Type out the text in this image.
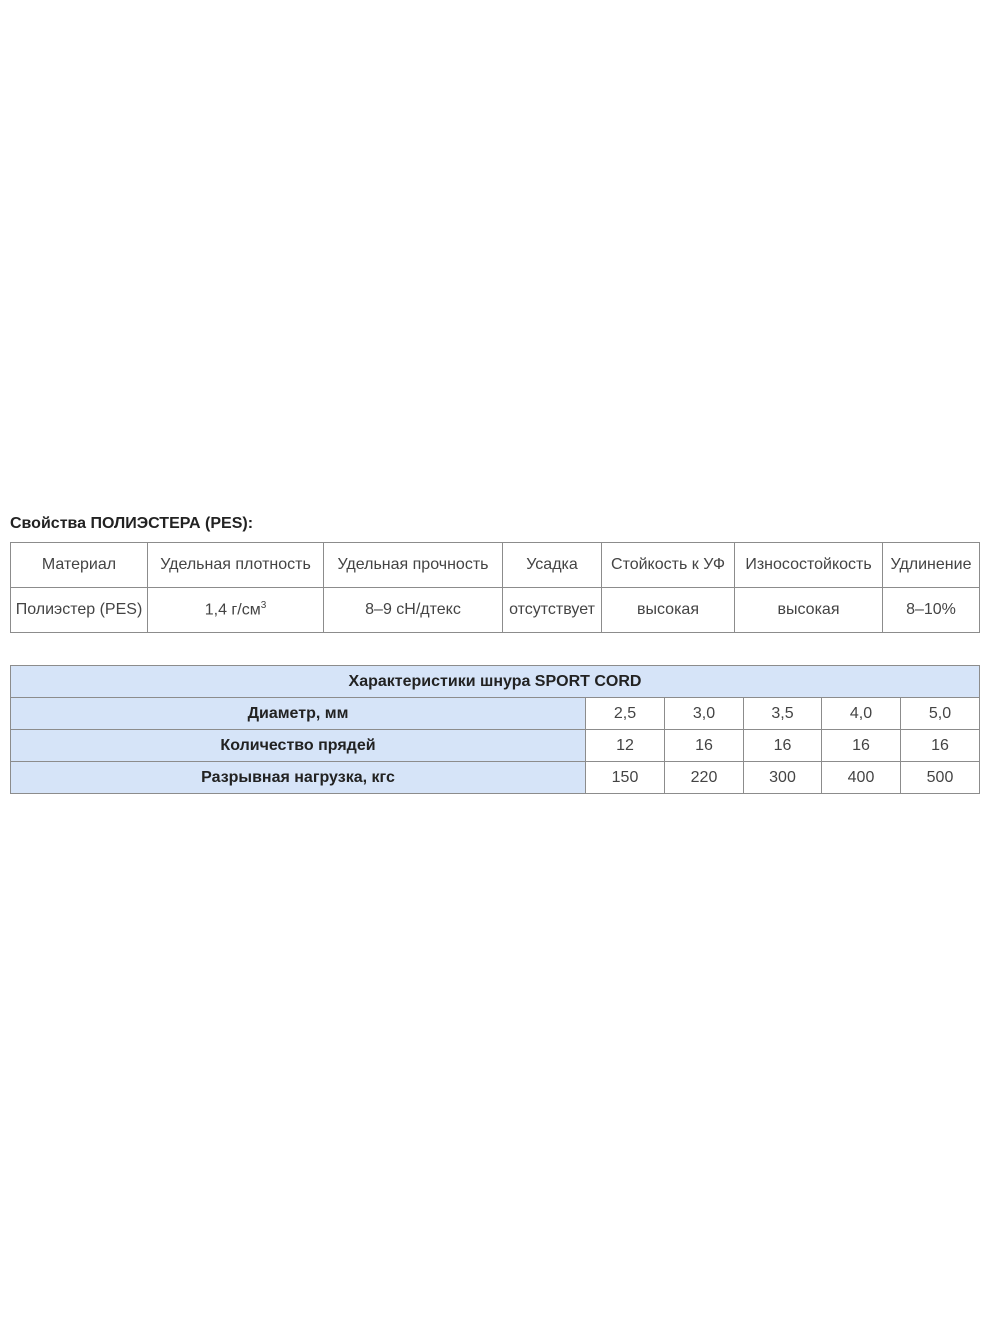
Свойства ПОЛИЭСТЕРА (PES):
Материал	Удельная плотность	Удельная прочность	Усадка	Стойкость к УФ	Износостойкость	Удлинение
Полиэстер (PES)	1,4 $г/см^3$	8–9 сН/дтекс	отсутствует	высокая	высокая	8–10%
Характеристики шнура SPORT CORD					
Диаметр, мм	2,5	3,0	3,5	4,0	5,0
Количество прядей	12	16	16	16	16
Разрывная нагрузка, кгс	150	220	300	400	500
